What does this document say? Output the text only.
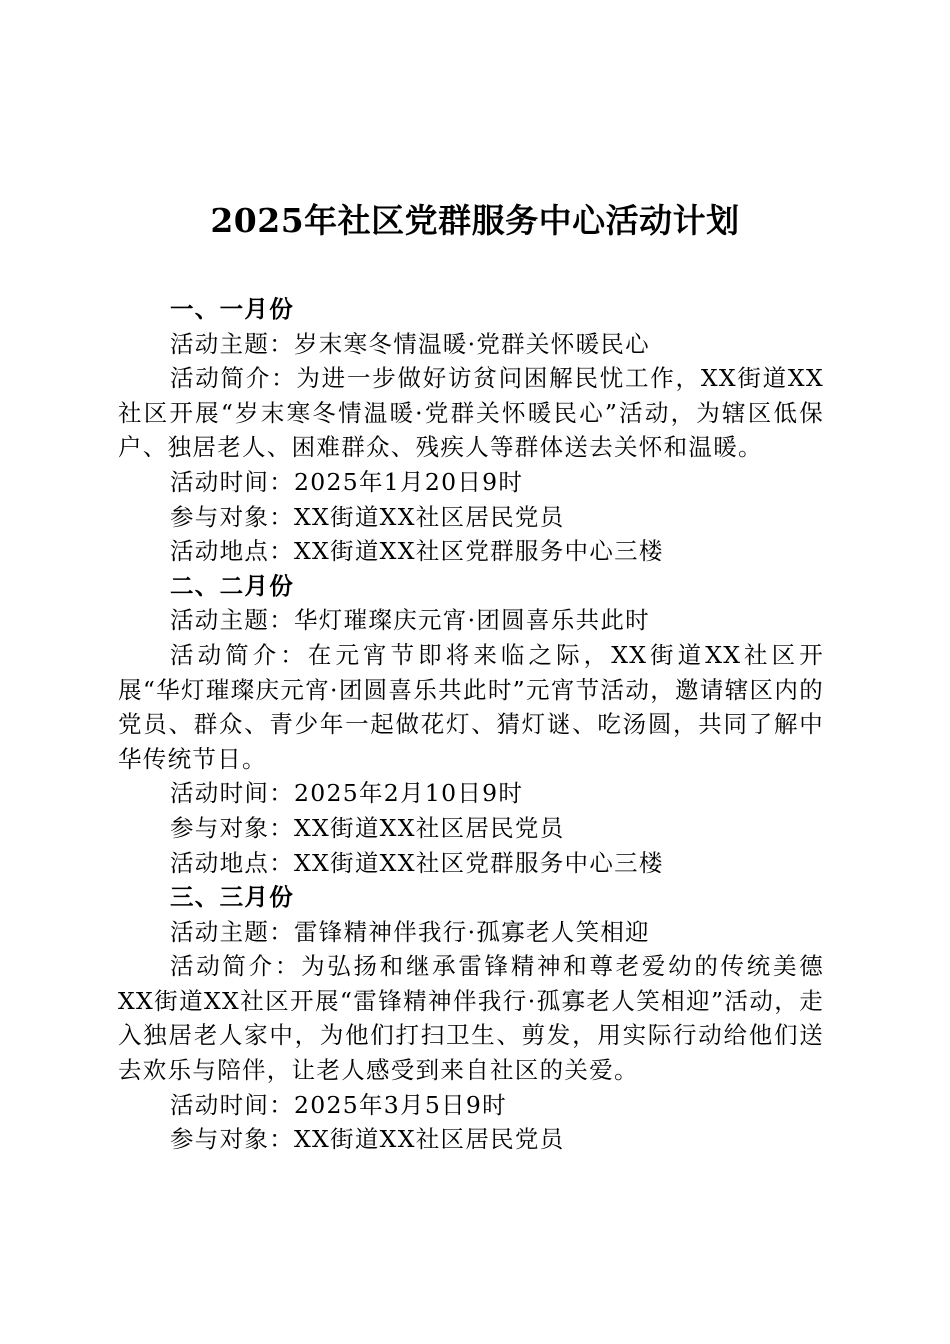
2025年社区党群服务中心活动计划
一、一月份
活动主题：岁末寒冬情温暖·党群关怀暖民心
活动简介：为进一步做好访贫问困解民忧工作，XX街道XX社区开展“岁末寒冬情温暖·党群关怀暖民心”活动，为辖区低保户、独居老人、困难群众、残疾人等群体送去关怀和温暖。
活动时间：2025年1月20日9时
参与对象：XX街道XX社区居民党员
活动地点：XX街道XX社区党群服务中心三楼
二、二月份
活动主题：华灯璀璨庆元宵·团圆喜乐共此时
活动简介：在元宵节即将来临之际，XX街道XX社区开展“华灯璀璨庆元宵·团圆喜乐共此时”元宵节活动，邀请辖区内的党员、群众、青少年一起做花灯、猜灯谜、吃汤圆，共同了解中华传统节日。
活动时间：2025年2月10日9时
参与对象：XX街道XX社区居民党员
活动地点：XX街道XX社区党群服务中心三楼
三、三月份
活动主题：雷锋精神伴我行·孤寡老人笑相迎
活动简介：为弘扬和继承雷锋精神和尊老爱幼的传统美德XX街道XX社区开展“雷锋精神伴我行·孤寡老人笑相迎”活动，走入独居老人家中，为他们打扫卫生、剪发，用实际行动给他们送去欢乐与陪伴，让老人感受到来自社区的关爱。
活动时间：2025年3月5日9时
参与对象：XX街道XX社区居民党员
